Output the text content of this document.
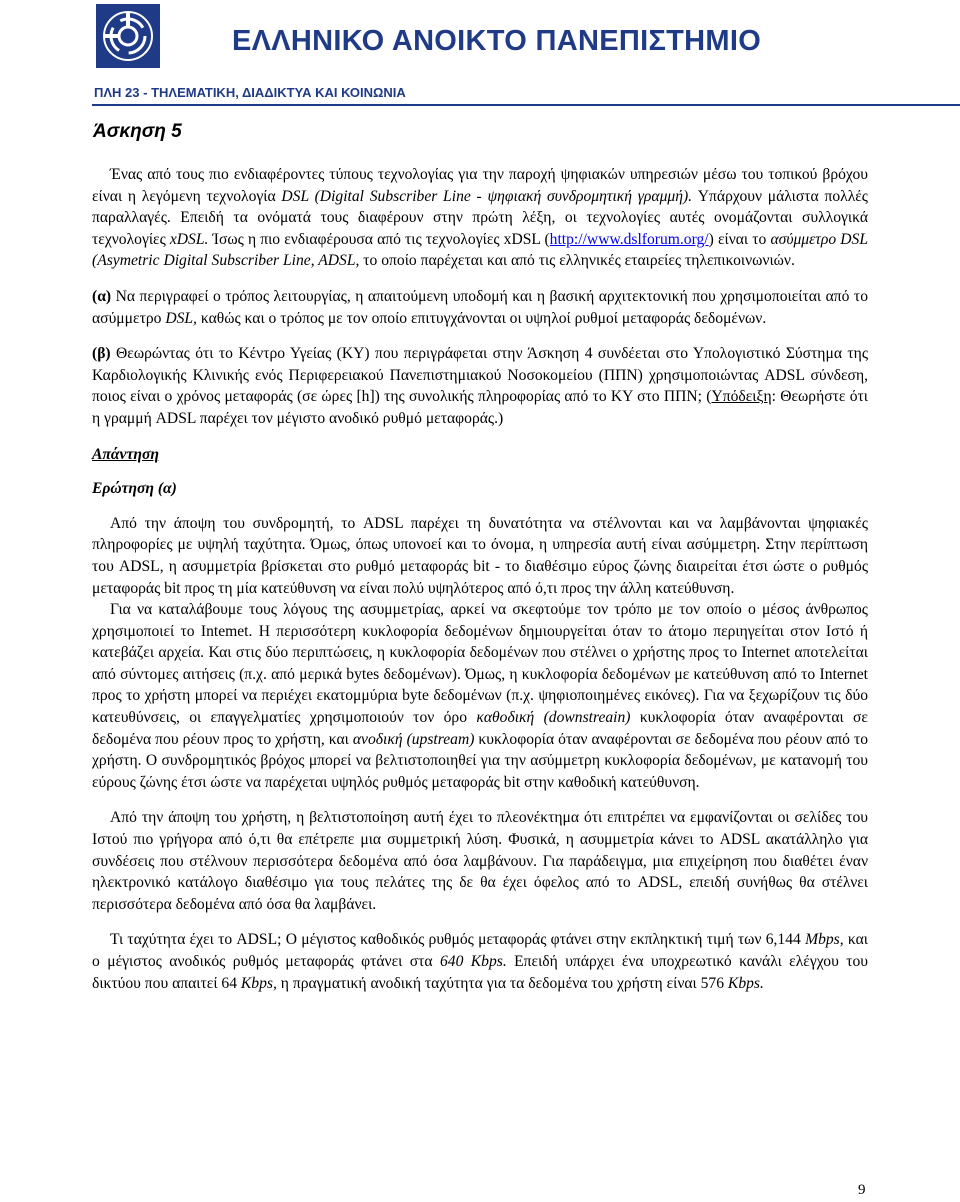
ΕΛΛΗΝΙΚΟ ΑΝΟΙΚΤΟ ΠΑΝΕΠΙΣΤΗΜΙΟ
ΠΛΗ 23 - ΤΗΛΕΜΑΤΙΚΗ, ΔΙΑΔΙΚΤΥΑ ΚΑΙ ΚΟΙΝΩΝΙΑ

Άσκηση 5

Ένας από τους πιο ενδιαφέροντες τύπους τεχνολογίας για την παροχή ψηφιακών υπηρεσιών μέσω του τοπικού βρόχου είναι η λεγόμενη τεχνολογία DSL (Digital Subscriber Line - ψηφιακή συνδρομητική γραμμή). Υπάρχουν μάλιστα πολλές παραλλαγές. Επειδή τα ονόματά τους διαφέρουν στην πρώτη λέξη, οι τεχνολογίες αυτές ονομάζονται συλλογικά τεχνολογίες xDSL. Ίσως η πιο ενδιαφέρουσα από τις τεχνολογίες xDSL (http://www.dslforum.org/) είναι το ασύμμετρο DSL (Asymetric Digital Subscriber Line, ADSL, το οποίο παρέχεται και από τις ελληνικές εταιρείες τηλεπικοινωνιών.

(α) Να περιγραφεί ο τρόπος λειτουργίας, η απαιτούμενη υποδομή και η βασική αρχιτεκτονική που χρησιμοποιείται από το ασύμμετρο DSL, καθώς και ο τρόπος με τον οποίο επιτυγχάνονται οι υψηλοί ρυθμοί μεταφοράς δεδομένων.

(β) Θεωρώντας ότι το Κέντρο Υγείας (ΚΥ) που περιγράφεται στην Άσκηση 4 συνδέεται στο Υπολογιστικό Σύστημα της Καρδιολογικής Κλινικής ενός Περιφερειακού Πανεπιστημιακού Νοσοκομείου (ΠΠΝ) χρησιμοποιώντας ADSL σύνδεση, ποιος είναι ο χρόνος μεταφοράς (σε ώρες [h]) της συνολικής πληροφορίας από το ΚΥ στο ΠΠΝ; (Υπόδειξη: Θεωρήστε ότι η γραμμή ADSL παρέχει τον μέγιστο ανοδικό ρυθμό μεταφοράς.)

Απάντηση

Ερώτηση (α)

Από την άποψη του συνδρομητή, το ADSL παρέχει τη δυνατότητα να στέλνονται και να λαμβάνονται ψηφιακές πληροφορίες με υψηλή ταχύτητα. Όμως, όπως υπονοεί και το όνομα, η υπηρεσία αυτή είναι ασύμμετρη. Στην περίπτωση του ADSL, η ασυμμετρία βρίσκεται στο ρυθμό μεταφοράς bit - το διαθέσιμο εύρος ζώνης διαιρείται έτσι ώστε ο ρυθμός μεταφοράς bit προς τη μία κατεύθυνση να είναι πολύ υψηλότερος από ό,τι προς την άλλη κατεύθυνση.

Για να καταλάβουμε τους λόγους της ασυμμετρίας, αρκεί να σκεφτούμε τον τρόπο με τον οποίο ο μέσος άνθρωπος χρησιμοποιεί το Intemet. Η περισσότερη κυκλοφορία δεδομένων δημιουργείται όταν το άτομο περιηγείται στον Ιστό ή κατεβάζει αρχεία. Και στις δύο περιπτώσεις, η κυκλοφορία δεδομένων που στέλνει ο χρήστης προς το Internet αποτελείται από σύντομες αιτήσεις (π.χ. από μερικά bytes δεδομένων). Όμως, η κυκλοφορία δεδομένων με κατεύθυνση από το Internet προς το χρήστη μπορεί να περιέχει εκατομμύρια byte δεδομένων (π.χ. ψηφιοποιημένες εικόνες). Για να ξεχωρίζουν τις δύο κατευθύνσεις, οι επαγγελματίες χρησιμοποιούν τον όρο καθοδική (downstreain) κυκλοφορία όταν αναφέρονται σε δεδομένα που ρέουν προς το χρήστη, και ανοδική (upstream) κυκλοφορία όταν αναφέρονται σε δεδομένα που ρέουν από το χρήστη. Ο συνδρομητικός βρόχος μπορεί να βελτιστοποιηθεί για την ασύμμετρη κυκλοφορία δεδομένων, με κατανομή του εύρους ζώνης έτσι ώστε να παρέχεται υψηλός ρυθμός μεταφοράς bit στην καθοδική κατεύθυνση.

Από την άποψη του χρήστη, η βελτιστοποίηση αυτή έχει το πλεονέκτημα ότι επιτρέπει να εμφανίζονται οι σελίδες του Ιστού πιο γρήγορα από ό,τι θα επέτρεπε μια συμμετρική λύση. Φυσικά, η ασυμμετρία κάνει το ADSL ακατάλληλο για συνδέσεις που στέλνουν περισσότερα δεδομένα από όσα λαμβάνουν. Για παράδειγμα, μια επιχείρηση που διαθέτει έναν ηλεκτρονικό κατάλογο διαθέσιμο για τους πελάτες της δε θα έχει όφελος από το ADSL, επειδή συνήθως θα στέλνει περισσότερα δεδομένα από όσα θα λαμβάνει.

Τι ταχύτητα έχει το ADSL; Ο μέγιστος καθοδικός ρυθμός μεταφοράς φτάνει στην εκπληκτική τιμή των 6,144 Mbps, και ο μέγιστος ανοδικός ρυθμός μεταφοράς φτάνει στα 640 Kbps. Επειδή υπάρχει ένα υποχρεωτικό κανάλι ελέγχου του δικτύου που απαιτεί 64 Kbps, η πραγματική ανοδική ταχύτητα για τα δεδομένα του χρήστη είναι 576 Kbps.

9
